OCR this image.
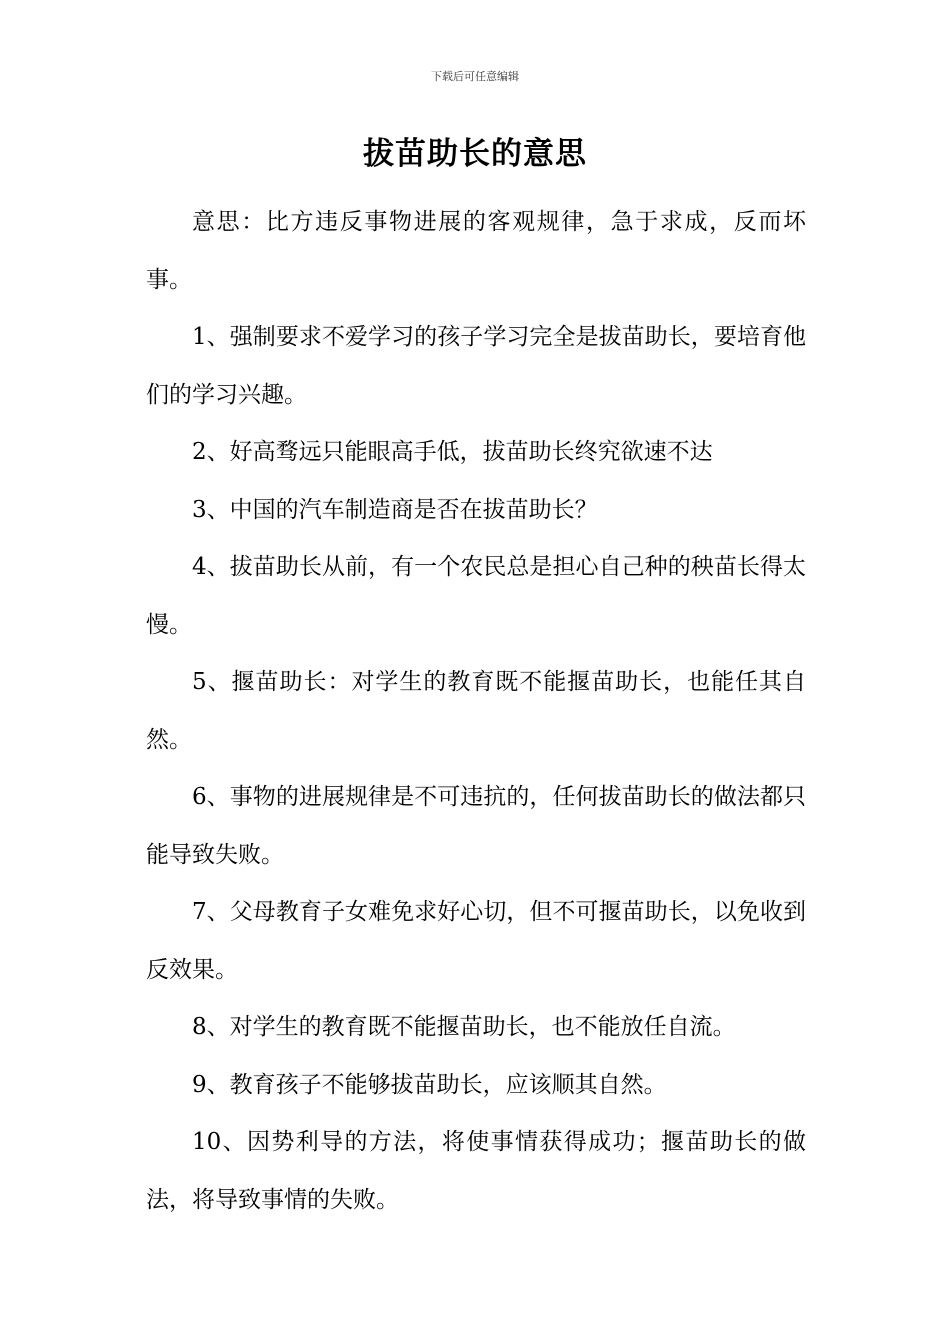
下载后可任意编辑
拔苗助长的意思

意思：比方违反事物进展的客观规律，急于求成，反而坏事。

1、强制要求不爱学习的孩子学习完全是拔苗助长，要培育他们的学习兴趣。

2、好高骛远只能眼高手低，拔苗助长终究欲速不达

3、中国的汽车制造商是否在拔苗助长？

4、拔苗助长从前，有一个农民总是担心自己种的秧苗长得太慢。

5、揠苗助长：对学生的教育既不能揠苗助长，也能任其自然。

6、事物的进展规律是不可违抗的，任何拔苗助长的做法都只能导致失败。

7、父母教育子女难免求好心切，但不可揠苗助长，以免收到反效果。

8、对学生的教育既不能揠苗助长，也不能放任自流。

9、教育孩子不能够拔苗助长，应该顺其自然。

10、因势利导的方法，将使事情获得成功；揠苗助长的做法，将导致事情的失败。
